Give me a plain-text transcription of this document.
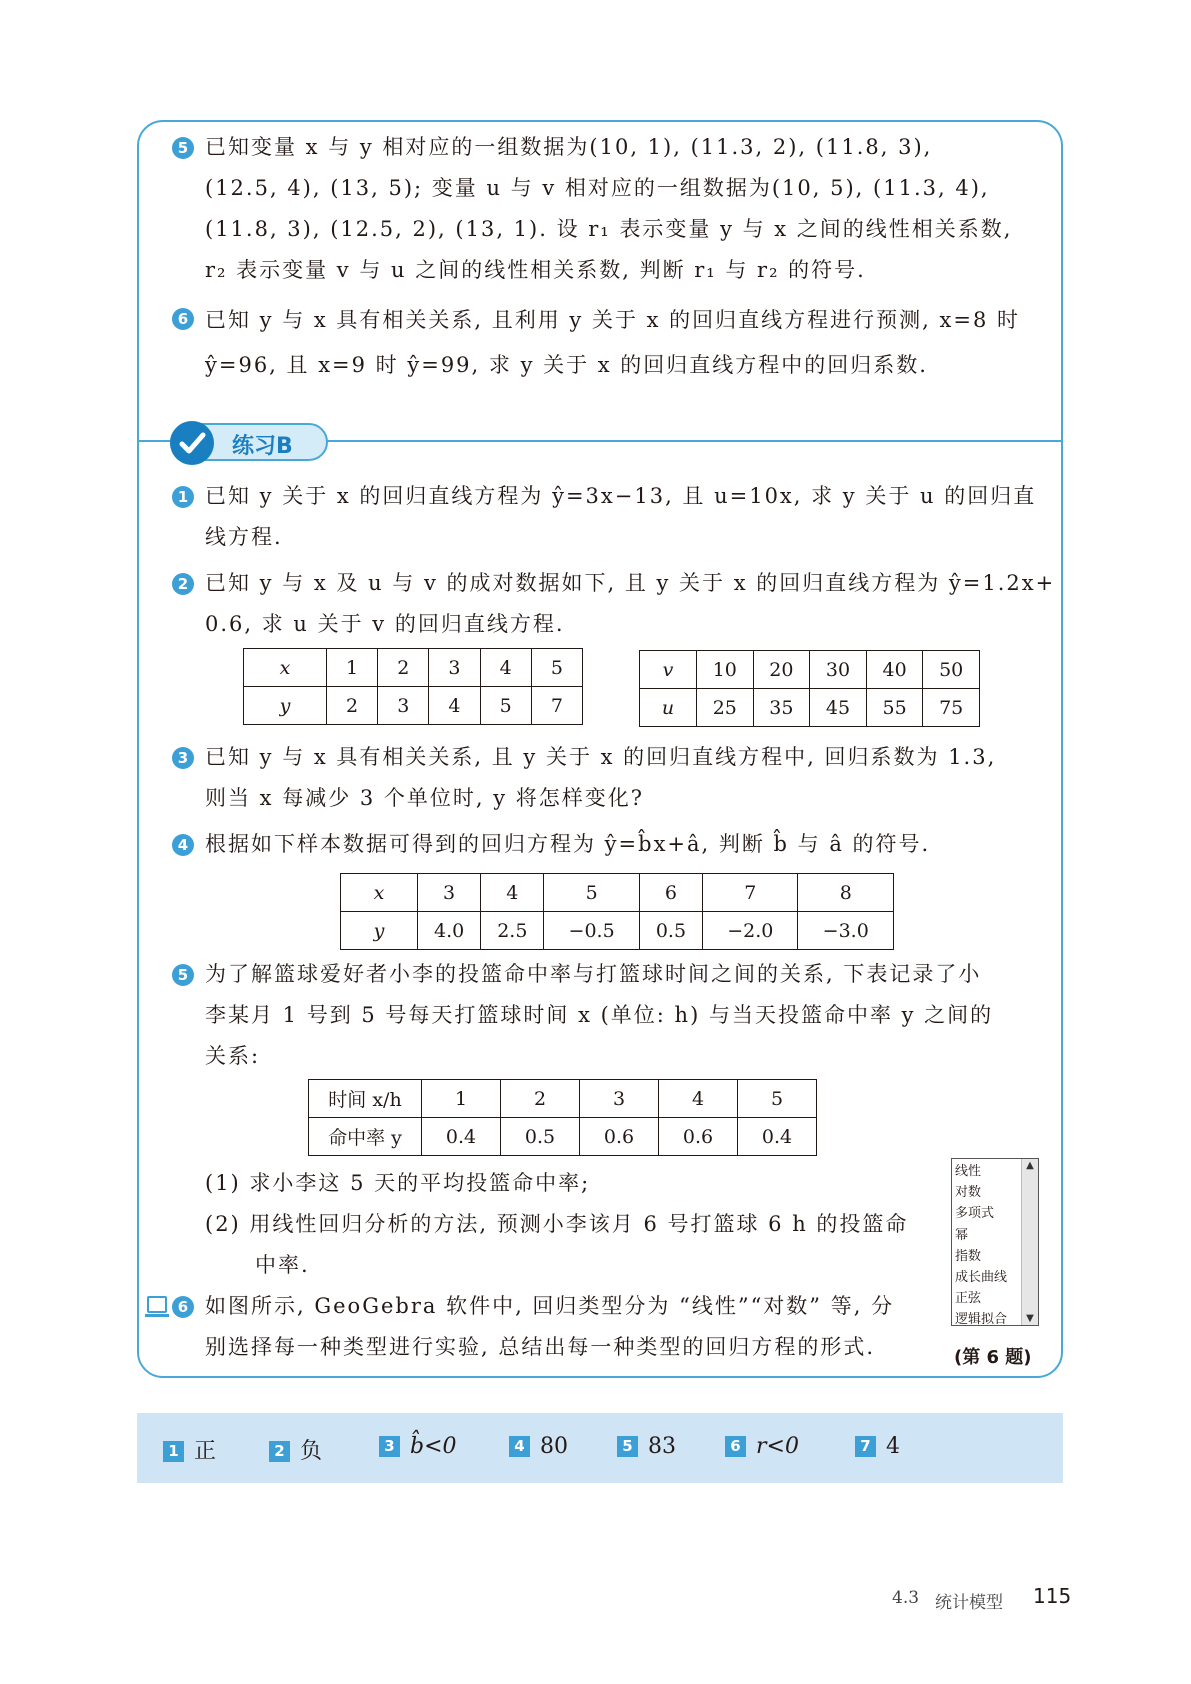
5 已知变量 x 与 y 相对应的一组数据为(10, 1), (11.3, 2), (11.8, 3),
(12.5, 4), (13, 5); 变量 u 与 v 相对应的一组数据为(10, 5), (11.3, 4),
(11.8, 3), (12.5, 2), (13, 1). 设 r₁ 表示变量 y 与 x 之间的线性相关系数,
r₂ 表示变量 v 与 u 之间的线性相关系数, 判断 r₁ 与 r₂ 的符号.
6 已知 y 与 x 具有相关关系, 且利用 y 关于 x 的回归直线方程进行预测, x=8 时
ŷ=96, 且 x=9 时 ŷ=99, 求 y 关于 x 的回归直线方程中的回归系数.
练习B
1 已知 y 关于 x 的回归直线方程为 ŷ=3x−13, 且 u=10x, 求 y 关于 u 的回归直
线方程.
2 已知 y 与 x 及 u 与 v 的成对数据如下, 且 y 关于 x 的回归直线方程为 ŷ=1.2x+
0.6, 求 u 关于 v 的回归直线方程.
x	1	2	3	4	5
y	2	3	4	5	7
v	10	20	30	40	50
u	25	35	45	55	75
3 已知 y 与 x 具有相关关系, 且 y 关于 x 的回归直线方程中, 回归系数为 1.3,
则当 x 每减少 3 个单位时, y 将怎样变化?
4 根据如下样本数据可得到的回归方程为 ŷ=b̂x+â, 判断 b̂ 与 â 的符号.
x	3	4	5	6	7	8
y	4.0	2.5	−0.5	0.5	−2.0	−3.0
5 为了解篮球爱好者小李的投篮命中率与打篮球时间之间的关系, 下表记录了小
李某月 1 号到 5 号每天打篮球时间 x (单位: h) 与当天投篮命中率 y 之间的
关系:
时间 x/h	1	2	3	4	5
命中率 y	0.4	0.5	0.6	0.6	0.4
(1) 求小李这 5 天的平均投篮命中率;
(2) 用线性回归分析的方法, 预测小李该月 6 号打篮球 6 h 的投篮命
中率.
6 如图所示, GeoGebra 软件中, 回归类型分为 “线性”“对数” 等, 分
别选择每一种类型进行实验, 总结出每一种类型的回归方程的形式.
线性
对数
多项式
幂
指数
成长曲线
正弦
逻辑拟合
▲
▼
(第 6 题)
1 正	2 负	3 b̂<0	4 80	5 83	6 r<0	7 4
4.3 统计模型 115
